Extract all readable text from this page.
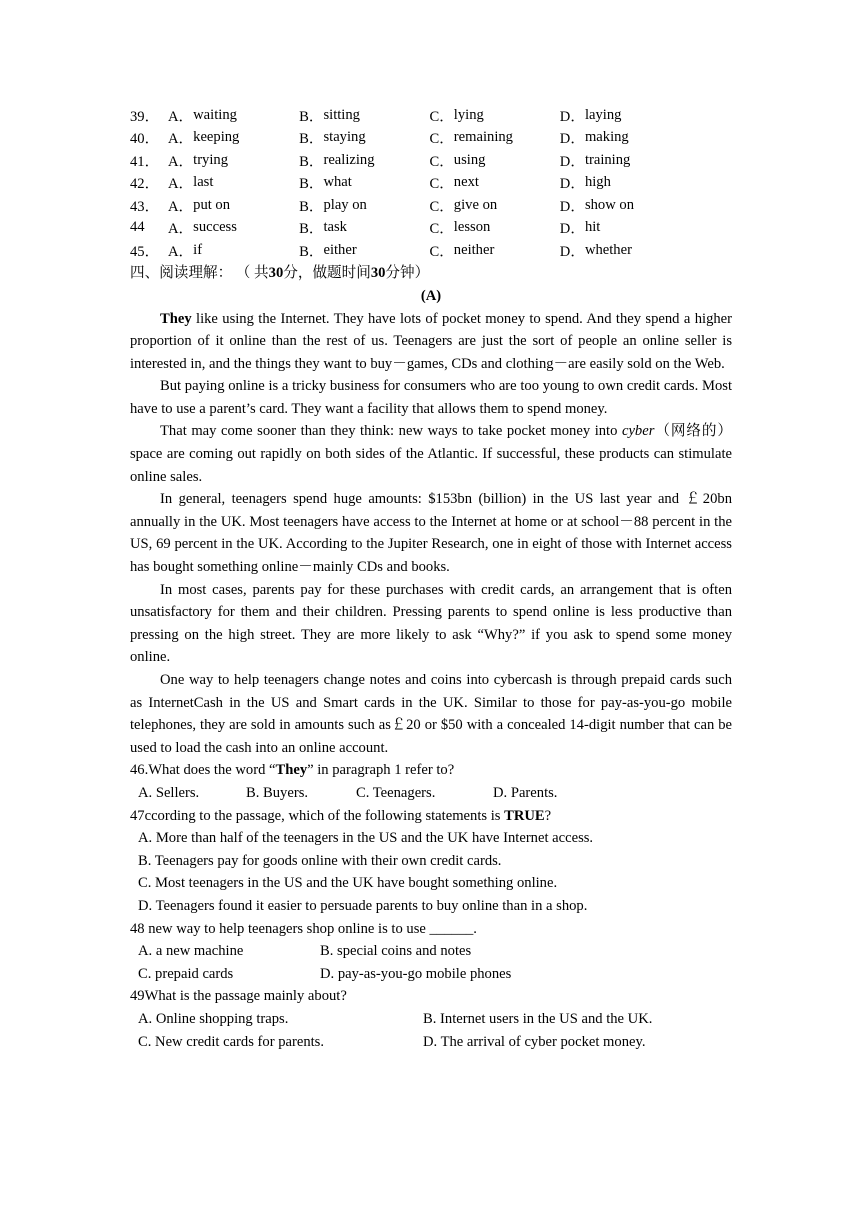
39．	A．	waiting	B．	sitting	C．	lying	D．	laying
40．	A．	keeping	B．	staying	C．	remaining	D．	making
41．	A．	trying	B．	realizing	C．	using	D．	training
42．	A．	last	B．	what	C．	next	D．	high
43．	A．	put on	B．	play on	C．	give on	D．	show on
44	A．	success	B．	task	C．	lesson	D．	hit
45．	A．	if	B．	either	C．	neither	D．	whether
四、阅读理解： （ 共30分，做题时间30分钟）
(A)

They like using the Internet. They have lots of pocket money to spend. And they spend a higher proportion of it online than the rest of us. Teenagers are just the sort of people an online seller is interested in, and the things they want to buy－games, CDs and clothing－are easily sold on the Web.

But paying online is a tricky business for consumers who are too young to own credit cards. Most have to use a parent’s card. They want a facility that allows them to spend money.

That may come sooner than they think: new ways to take pocket money into cyber（网络的）space are coming out rapidly on both sides of the Atlantic. If successful, these products can stimulate online sales.

In general, teenagers spend huge amounts: $153bn (billion) in the US last year and ￡20bn annually in the UK. Most teenagers have access to the Internet at home or at school－88 percent in the US, 69 percent in the UK. According to the Jupiter Research, one in eight of those with Internet access has bought something online－mainly CDs and books.

In most cases, parents pay for these purchases with credit cards, an arrangement that is often unsatisfactory for them and their children. Pressing parents to spend online is less productive than pressing on the high street. They are more likely to ask “Why?” if you ask to spend some money online.

One way to help teenagers change notes and coins into cybercash is through prepaid cards such as InternetCash in the US and Smart cards in the UK. Similar to those for pay-as-you-go mobile telephones, they are sold in amounts such as￡20 or $50 with a concealed 14-digit number that can be used to load the cash into an online account.

46.What does the word “They” in paragraph 1 refer to?
A. Sellers.	B. Buyers.	C. Teenagers.	D. Parents.
47ccording to the passage, which of the following statements is TRUE?
A. More than half of the teenagers in the US and the UK have Internet access.
B. Teenagers pay for goods online with their own credit cards.
C. Most teenagers in the US and the UK have bought something online.
D. Teenagers found it easier to persuade parents to buy online than in a shop.
48 new way to help teenagers shop online is to use ______.
A. a new machine	B. special coins and notes
C. prepaid cards	D. pay-as-you-go mobile phones
49What is the passage mainly about?
A. Online shopping traps.	B. Internet users in the US and the UK.
C. New credit cards for parents.	D. The arrival of cyber pocket money.
